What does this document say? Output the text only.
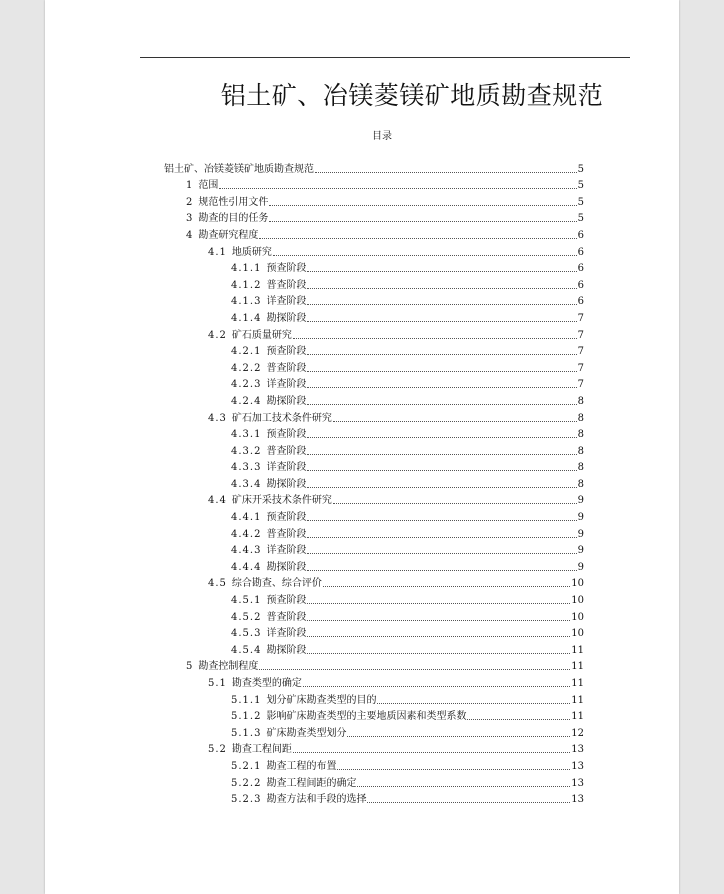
铝土矿、冶镁菱镁矿地质勘查规范
目录
铝土矿、冶镁菱镁矿地质勘查规范	5
1 范围	5
2 规范性引用文件	5
3 勘查的目的任务	5
4 勘查研究程度	6
4.1 地质研究	6
4.1.1 预查阶段	6
4.1.2 普查阶段	6
4.1.3 详查阶段	6
4.1.4 勘探阶段	7
4.2 矿石质量研究	7
4.2.1 预查阶段	7
4.2.2 普查阶段	7
4.2.3 详查阶段	7
4.2.4 勘探阶段	8
4.3 矿石加工技术条件研究	8
4.3.1 预查阶段	8
4.3.2 普查阶段	8
4.3.3 详查阶段	8
4.3.4 勘探阶段	8
4.4 矿床开采技术条件研究	9
4.4.1 预查阶段	9
4.4.2 普查阶段	9
4.4.3 详查阶段	9
4.4.4 勘探阶段	9
4.5 综合勘查、综合评价	10
4.5.1 预查阶段	10
4.5.2 普查阶段	10
4.5.3 详查阶段	10
4.5.4 勘探阶段	11
5 勘查控制程度	11
5.1 勘查类型的确定	11
5.1.1 划分矿床勘查类型的目的	11
5.1.2 影响矿床勘查类型的主要地质因素和类型系数	11
5.1.3 矿床勘查类型划分	12
5.2 勘查工程间距	13
5.2.1 勘查工程的布置	13
5.2.2 勘查工程间距的确定	13
5.2.3 勘查方法和手段的选择	13
